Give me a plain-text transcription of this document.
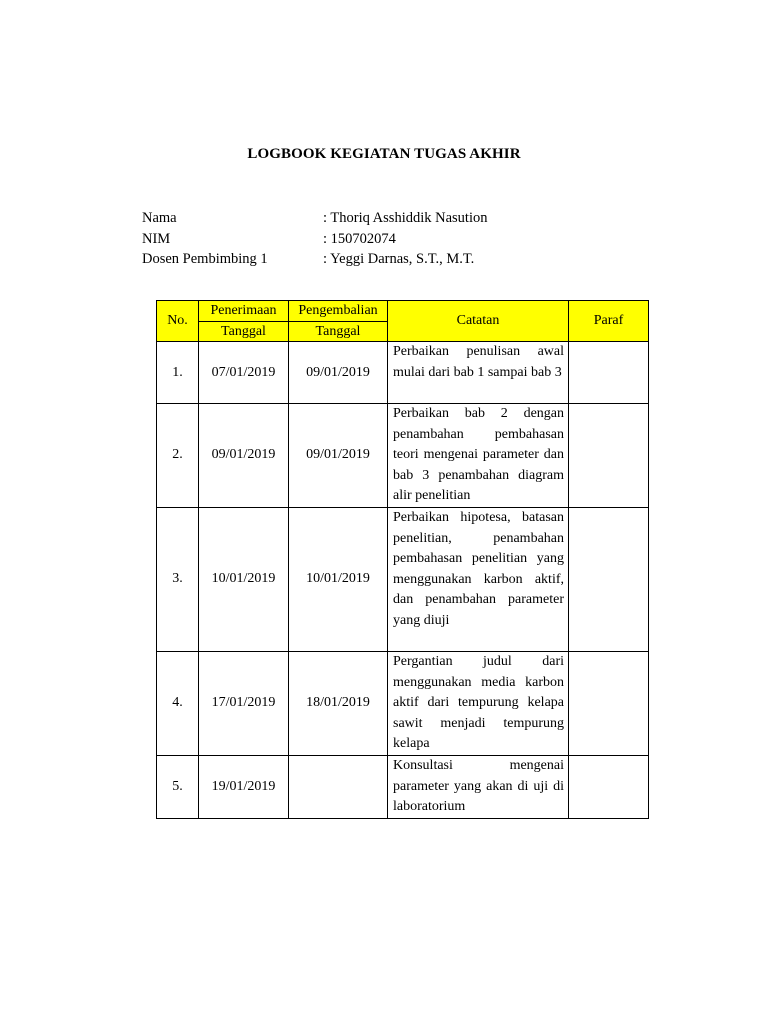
LOGBOOK KEGIATAN TUGAS AKHIR
Nama	: Thoriq Asshiddik Nasution
NIM	: 150702074
Dosen Pembimbing 1	: Yeggi Darnas, S.T., M.T.
No.	Penerimaan	Pengembalian	Catatan	Paraf
	Tanggal	Tanggal		
1.	07/01/2019	09/01/2019	Perbaikan penulisan awal mulai dari bab 1 sampai bab 3	
2.	09/01/2019	09/01/2019	Perbaikan bab 2 dengan penambahan pembahasan teori mengenai parameter dan bab 3 penambahan diagram alir penelitian	
3.	10/01/2019	10/01/2019	Perbaikan hipotesa, batasan penelitian, penambahan pembahasan penelitian yang menggunakan karbon aktif, dan penambahan parameter yang diuji	
4.	17/01/2019	18/01/2019	Pergantian judul dari menggunakan media karbon aktif dari tempurung kelapa sawit menjadi tempurung kelapa	
5.	19/01/2019		Konsultasi mengenai parameter yang akan di uji di laboratorium	
